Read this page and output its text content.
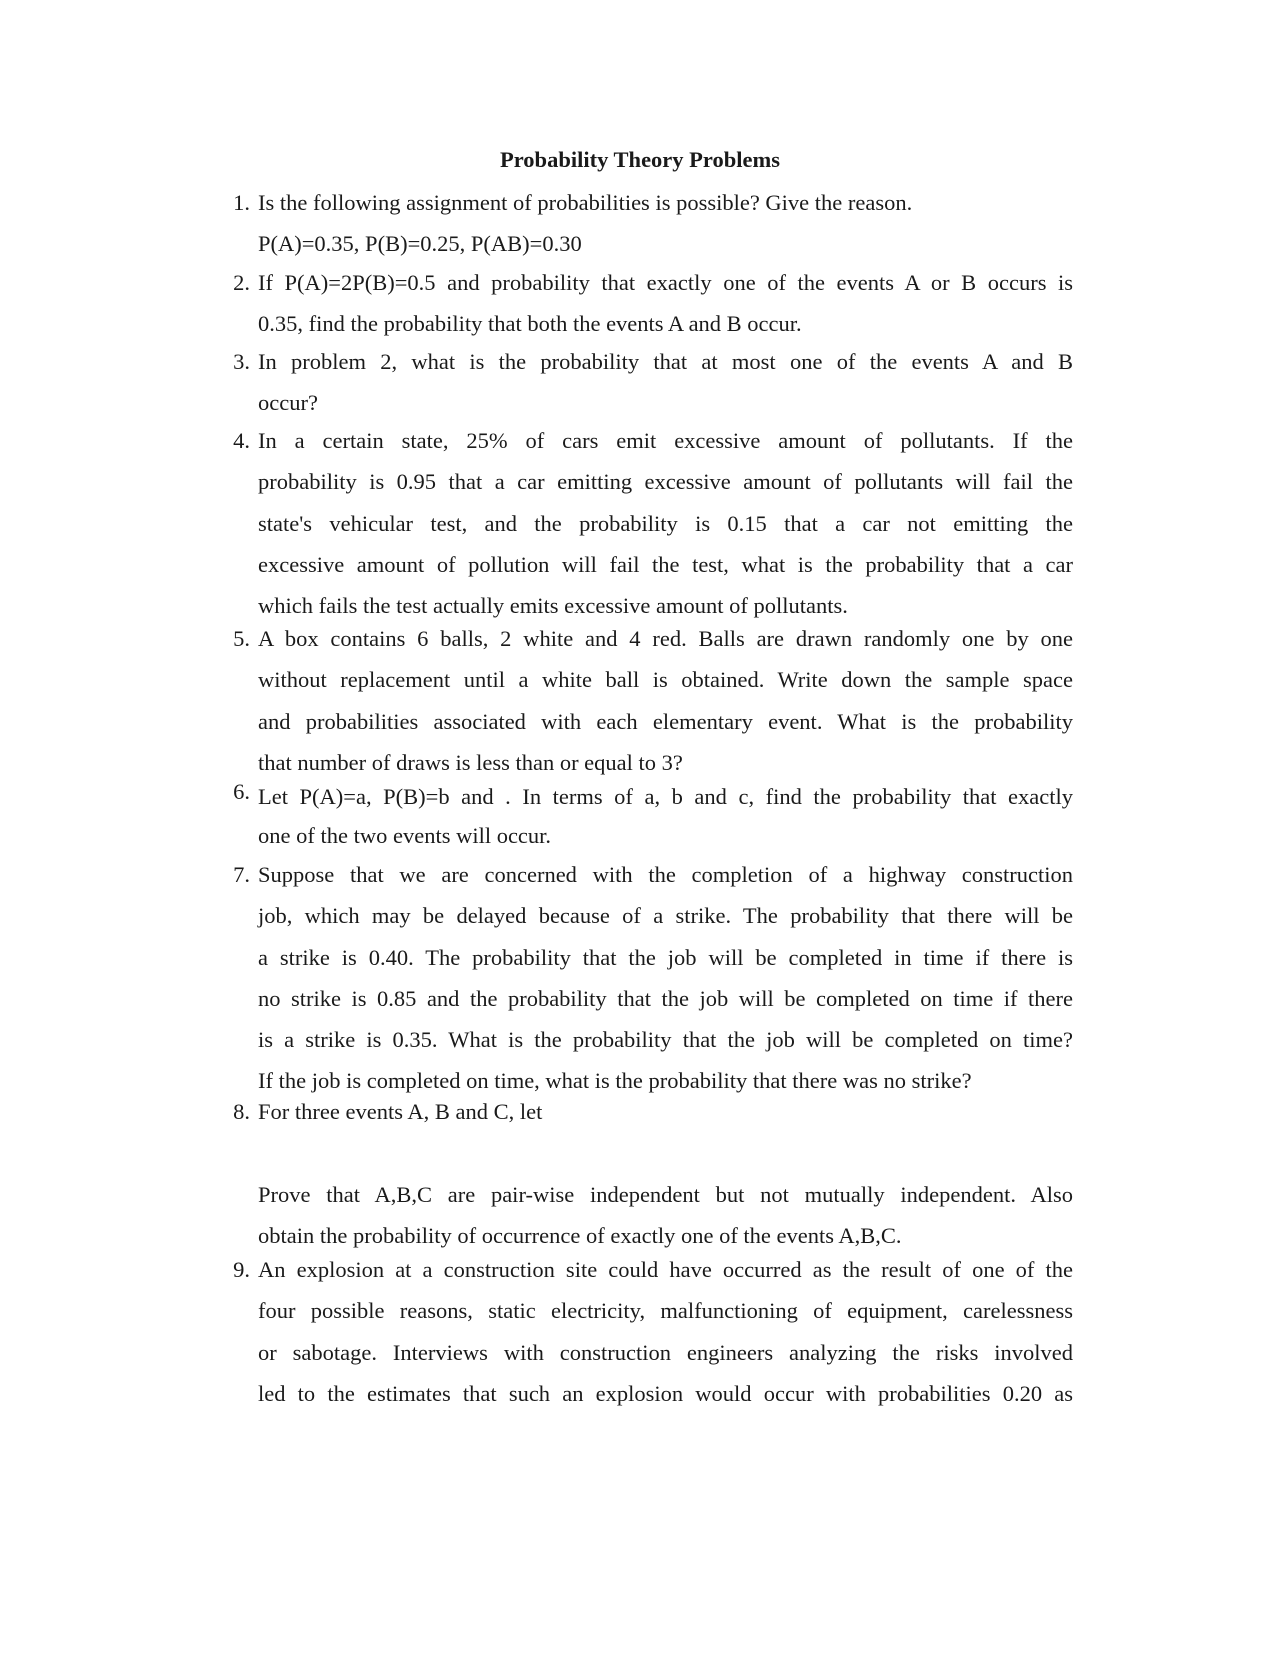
Probability Theory Problems
1. Is the following assignment of probabilities is possible? Give the reason.
P(A)=0.35, P(B)=0.25, P(AB)=0.30
2. If P(A)=2P(B)=0.5 and probability that exactly one of the events A or B occurs is
0.35, find the probability that both the events A and B occur.
3. In problem 2, what is the probability that at most one of the events A and B
occur?
4. In a certain state, 25% of cars emit excessive amount of pollutants. If the
probability is 0.95 that a car emitting excessive amount of pollutants will fail the
state's vehicular test, and the probability is 0.15 that a car not emitting the
excessive amount of pollution will fail the test, what is the probability that a car
which fails the test actually emits excessive amount of pollutants.
5. A box contains 6 balls, 2 white and 4 red. Balls are drawn randomly one by one
without replacement until a white ball is obtained. Write down the sample space
and probabilities associated with each elementary event. What is the probability
that number of draws is less than or equal to 3?
6. Let P(A)=a, P(B)=b and . In terms of a, b and c, find the probability that exactly
one of the two events will occur.
7. Suppose that we are concerned with the completion of a highway construction
job, which may be delayed because of a strike. The probability that there will be
a strike is 0.40. The probability that the job will be completed in time if there is
no strike is 0.85 and the probability that the job will be completed on time if there
is a strike is 0.35. What is the probability that the job will be completed on time?
If the job is completed on time, what is the probability that there was no strike?
8. For three events A, B and C, let
Prove that A,B,C are pair-wise independent but not mutually independent. Also
obtain the probability of occurrence of exactly one of the events A,B,C.
9. An explosion at a construction site could have occurred as the result of one of the
four possible reasons, static electricity, malfunctioning of equipment, carelessness
or sabotage. Interviews with construction engineers analyzing the risks involved
led to the estimates that such an explosion would occur with probabilities 0.20 as
